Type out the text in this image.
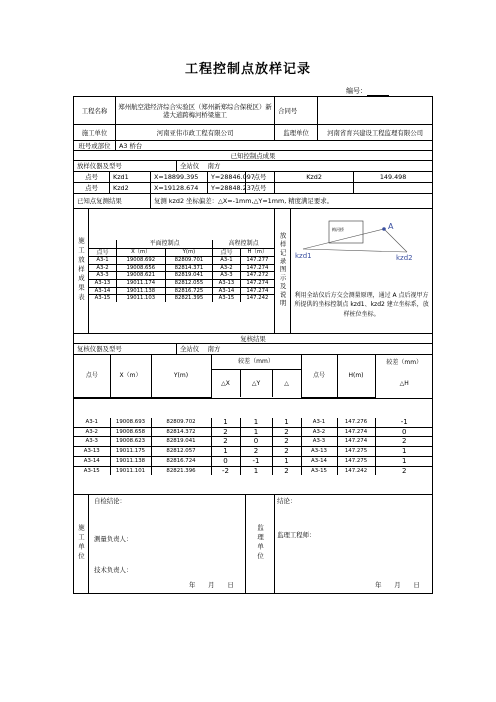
工程控制点放样记录
编号：
工程名称	郑州航空港经济综合实验区（郑州新郑综合保税区）新港大道跨梅河桥梁施工	合同号	
施工单位	河南亚伟市政工程有限公司	监理单位	河南省育兴建设工程监理有限公司
班号或部位	A3 桥台
已知控制点成果
放样仪器及型号	全站仪　 南方
点号	Kzd1	X=18899.395	Y=28846.097	点号	Kzd2	149.498
点号	Kzd2	X=19128.674	Y=28848.237	点号		
已知点复测结果	复测 kzd2 坐标偏差：△X=-1mm,△Y=1mm, 精度满足要求。
施工放样成果表	
		平面控制点	高程控制点
点号	X（m）	Y(m)	点号	H（m）
A3-1	19008.692	82809.701	A3-1	147.277
A3-2	19008.656	82814.371	A3-2	147.274
A3-3	19008.621	82819.041	A3-3	147.272
A3-13	19011.174	82812.055	A3-13	147.274
A3-14	19011.138	82816.725	A3-14	147.274
A3-15	19011.103	82821.395	A3-15	147.242
	放样记录图示及说明	
梅河桥	A
kzd1	kzd2
利用全站仪后方交会测量原理，通过 A 点后视甲方所提供的坐标控制点 kzd1、kzd2 建立坐标系，放样桩位坐标。

复核结果
复核仪器及型号	全站仪　 南方

点号	X（m）	Y(m)	较差（mm）	点号	H(m)	较差（mm）
△X	△Y	△	△H

A3-1	19008.693	82809.702	1	1	1	A3-1	147.276	-1
A3-2	19008.658	82814.372	2	1	2	A3-2	147.274	0
A3-3	19008.623	82819.041	2	0	2	A3-3	147.274	2
A3-13	19011.175	82812.057	1	2	2	A3-13	147.275	1
A3-14	19011.138	82816.724	0	-1	1	A3-14	147.275	1
A3-15	19011.101	82821.396	-2	1	2	A3-15	147.242	2

施工单位	
自检结论：
测量负责人：
技术负责人：
年　　月　　日
	监理单位	
结论：
监理工程师：
年　　月　　日
